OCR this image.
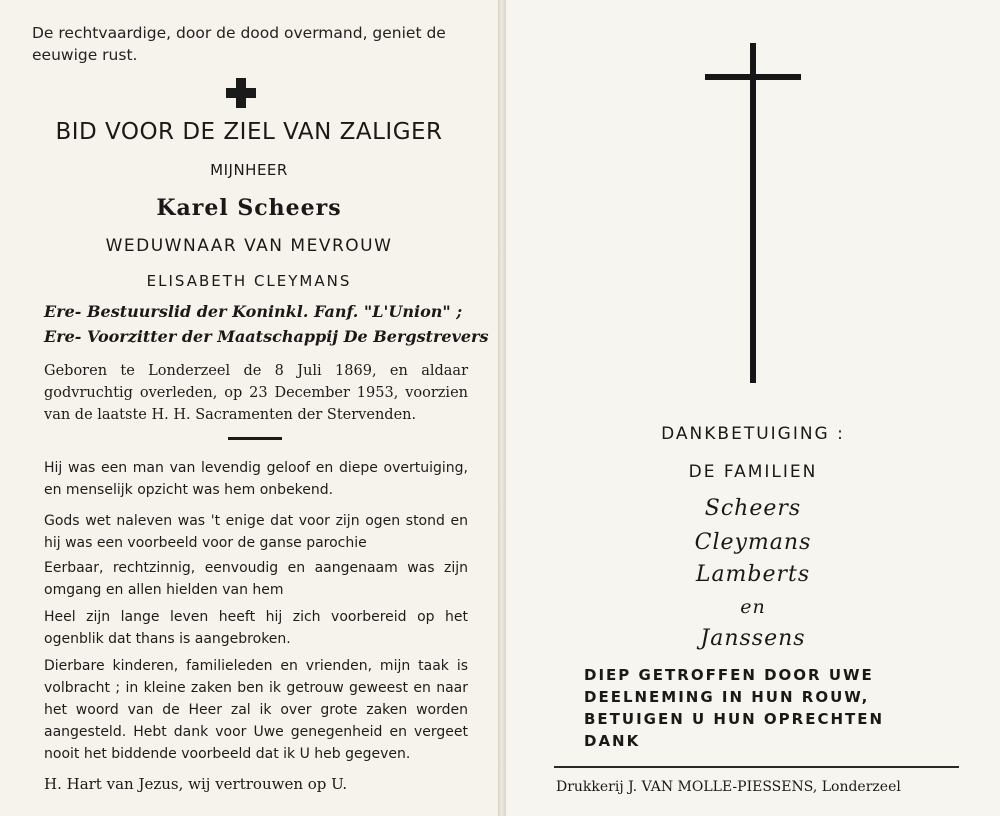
De rechtvaardige, door de dood overmand, geniet de eeuwige rust.

BID VOOR DE ZIEL VAN ZALIGER

MIJNHEER

Karel Scheers

WEDUWNAAR VAN MEVROUW

ELISABETH CLEYMANS

Ere- Bestuurslid der Koninkl. Fanf. "L'Union" ;

Ere- Voorzitter der Maatschappij De Bergstrevers

Geboren te Londerzeel de 8 Juli 1869, en aldaar godvruchtig overleden, op 23 December 1953, voorzien van de laatste H. H. Sacramenten der Stervenden.

Hij was een man van levendig geloof en diepe overtuiging, en menselijk opzicht was hem onbekend.

Gods wet naleven was 't enige dat voor zijn ogen stond en hij was een voorbeeld voor de ganse parochie

Eerbaar, rechtzinnig, eenvoudig en aangenaam was zijn omgang en allen hielden van hem

Heel zijn lange leven heeft hij zich voorbereid op het ogenblik dat thans is aangebroken.

Dierbare kinderen, familieleden en vrienden, mijn taak is volbracht ; in kleine zaken ben ik getrouw geweest en naar het woord van de Heer zal ik over grote zaken worden aangesteld. Hebt dank voor Uwe genegenheid en vergeet nooit het biddende voorbeeld dat ik U heb gegeven.

H. Hart van Jezus, wij vertrouwen op U.

DANKBETUIGING :

DE FAMILIEN

Scheers

Cleymans

Lamberts

en

Janssens

DIEP GETROFFEN DOOR UWE DEELNEMING IN HUN ROUW, BETUIGEN U HUN OPRECHTEN DANK

Drukkerij J. VAN MOLLE-PIESSENS, Londerzeel
